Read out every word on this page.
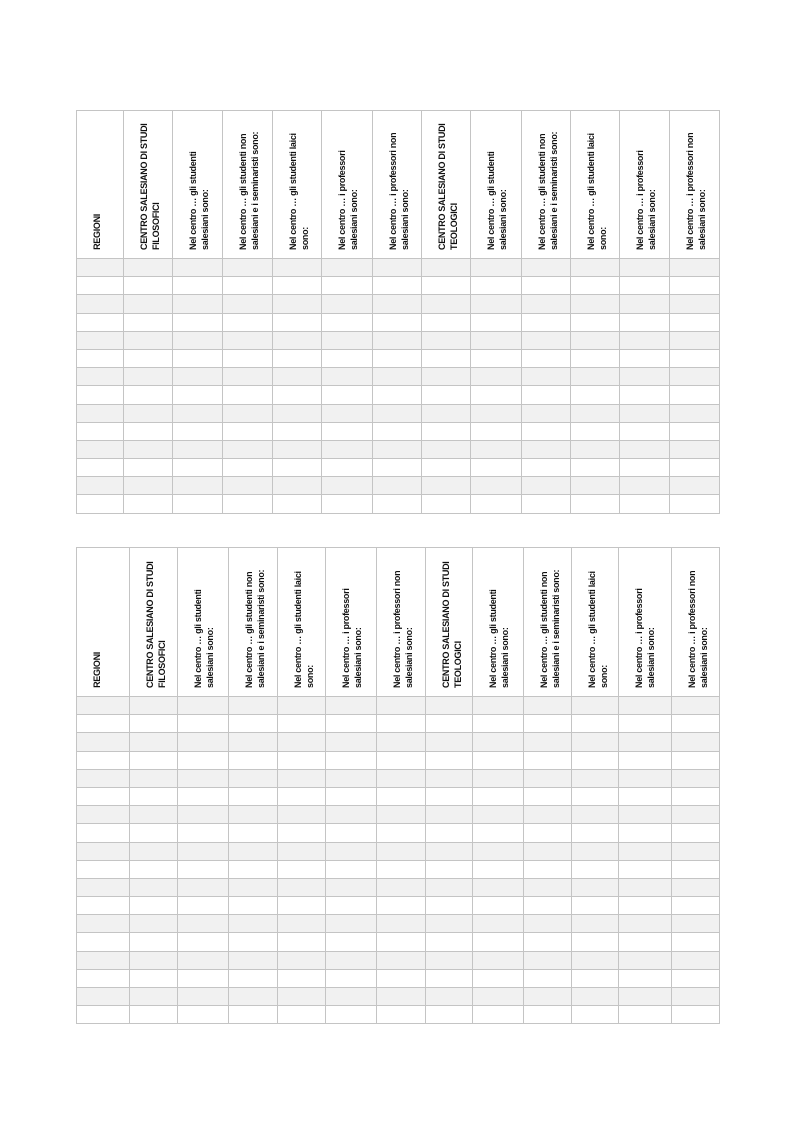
REGIONI	CENTRO SALESIANO DI STUDI FILOSOFICI	Nel centro … gli studenti salesiani sono:	Nel centro … gli studenti non salesiani e i seminaristi sono:	Nel centro … gli studenti laici sono:	Nel centro … i professori salesiani sono:	Nel centro … i professori non salesiani sono:	CENTRO SALESIANO DI STUDI TEOLOGICI	Nel centro … gli studenti salesiani sono:	Nel centro … gli studenti non salesiani e i seminaristi sono:	Nel centro … gli studenti laici sono:	Nel centro … i professori salesiani sono:	Nel centro … i professori non salesiani sono:

REGIONI	CENTRO SALESIANO DI STUDI FILOSOFICI	Nel centro … gli studenti salesiani sono:	Nel centro … gli studenti non salesiani e i seminaristi sono:	Nel centro … gli studenti laici sono:	Nel centro … i professori salesiani sono:	Nel centro … i professori non salesiani sono:	CENTRO SALESIANO DI STUDI TEOLOGICI	Nel centro … gli studenti salesiani sono:	Nel centro … gli studenti non salesiani e i seminaristi sono:	Nel centro … gli studenti laici sono:	Nel centro … i professori salesiani sono:	Nel centro … i professori non salesiani sono:
